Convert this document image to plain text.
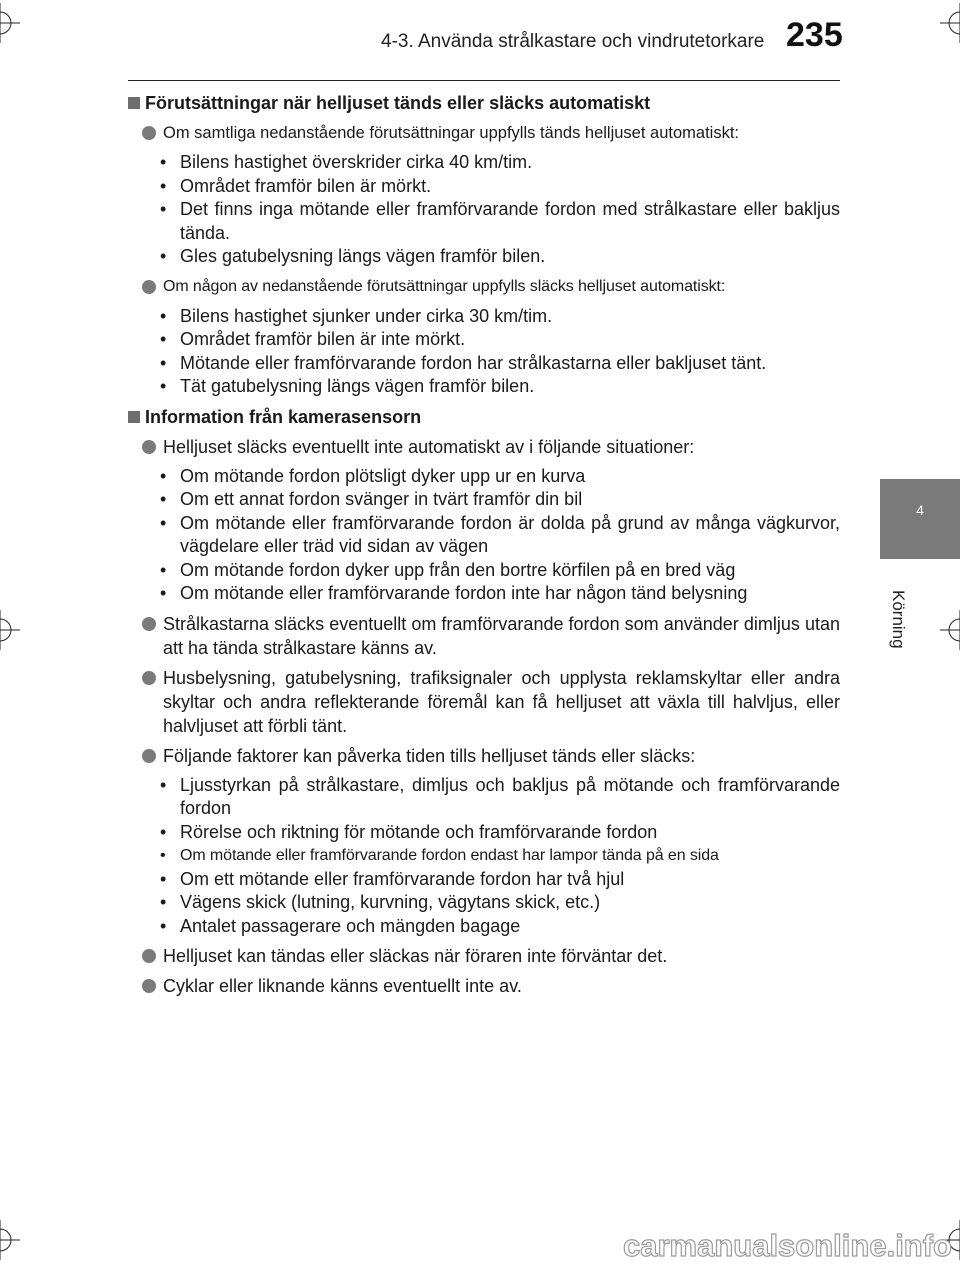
4-3. Använda strålkastare och vindrutetorkare 235
4
Körning
Förutsättningar när helljuset tänds eller släcks automatiskt
Om samtliga nedanstående förutsättningar uppfylls tänds helljuset automatiskt:
• Bilens hastighet överskrider cirka 40 km/tim.
• Området framför bilen är mörkt.
• Det finns inga mötande eller framförvarande fordon med strålkastare eller bakljus tända.
• Gles gatubelysning längs vägen framför bilen.
Om någon av nedanstående förutsättningar uppfylls släcks helljuset automatiskt:
• Bilens hastighet sjunker under cirka 30 km/tim.
• Området framför bilen är inte mörkt.
• Mötande eller framförvarande fordon har strålkastarna eller bakljuset tänt.
• Tät gatubelysning längs vägen framför bilen.
Information från kamerasensorn
Helljuset släcks eventuellt inte automatiskt av i följande situationer:
• Om mötande fordon plötsligt dyker upp ur en kurva
• Om ett annat fordon svänger in tvärt framför din bil
• Om mötande eller framförvarande fordon är dolda på grund av många vägkurvor, vägdelare eller träd vid sidan av vägen
• Om mötande fordon dyker upp från den bortre körfilen på en bred väg
• Om mötande eller framförvarande fordon inte har någon tänd belysning
Strålkastarna släcks eventuellt om framförvarande fordon som använder dimljus utan att ha tända strålkastare känns av.
Husbelysning, gatubelysning, trafiksignaler och upplysta reklamskyltar eller andra skyltar och andra reflekterande föremål kan få helljuset att växla till halvljus, eller halvljuset att förbli tänt.
Följande faktorer kan påverka tiden tills helljuset tänds eller släcks:
• Ljusstyrkan på strålkastare, dimljus och bakljus på mötande och framförvarande fordon
• Rörelse och riktning för mötande och framförvarande fordon
• Om mötande eller framförvarande fordon endast har lampor tända på en sida
• Om ett mötande eller framförvarande fordon har två hjul
• Vägens skick (lutning, kurvning, vägytans skick, etc.)
• Antalet passagerare och mängden bagage
Helljuset kan tändas eller släckas när föraren inte förväntar det.
Cyklar eller liknande känns eventuellt inte av.
carmanualsonline.info
